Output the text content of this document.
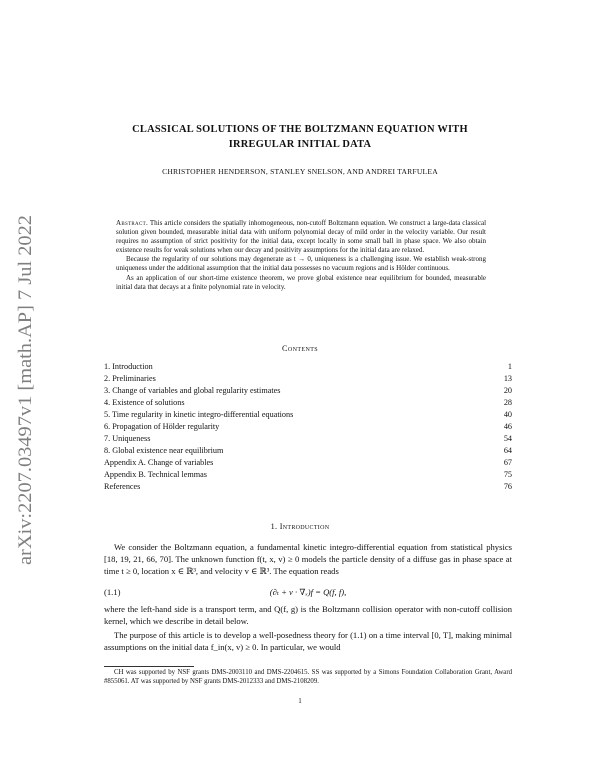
arXiv:2207.03497v1 [math.AP] 7 Jul 2022
CLASSICAL SOLUTIONS OF THE BOLTZMANN EQUATION WITH
IRREGULAR INITIAL DATA
CHRISTOPHER HENDERSON, STANLEY SNELSON, AND ANDREI TARFULEA

Abstract. This article considers the spatially inhomogeneous, non-cutoff Boltzmann equation. We construct a large-data classical solution given bounded, measurable initial data with uniform polynomial decay of mild order in the velocity variable. Our result requires no assumption of strict positivity for the initial data, except locally in some small ball in phase space. We also obtain existence results for weak solutions when our decay and positivity assumptions for the initial data are relaxed.

Because the regularity of our solutions may degenerate as t → 0, uniqueness is a challenging issue. We establish weak-strong uniqueness under the additional assumption that the initial data possesses no vacuum regions and is Hölder continuous.

As an application of our short-time existence theorem, we prove global existence near equilibrium for bounded, measurable initial data that decays at a finite polynomial rate in velocity.

Contents
1. Introduction	1
2. Preliminaries	13
3. Change of variables and global regularity estimates	20
4. Existence of solutions	28
5. Time regularity in kinetic integro-differential equations	40
6. Propagation of Hölder regularity	46
7. Uniqueness	54
8. Global existence near equilibrium	64
Appendix A. Change of variables	67
Appendix B. Technical lemmas	75
References	76
1. Introduction

We consider the Boltzmann equation, a fundamental kinetic integro-differential equation from statistical physics [18, 19, 21, 66, 70]. The unknown function f(t, x, v) ≥ 0 models the particle density of a diffuse gas in phase space at time t ≥ 0, location x ∈ ℝ³, and velocity v ∈ ℝ³. The equation reads

(1.1)	(∂ₜ + v · ∇ₓ)f = Q(f, f),

where the left-hand side is a transport term, and Q(f, g) is the Boltzmann collision operator with non-cutoff collision kernel, which we describe in detail below.

The purpose of this article is to develop a well-posedness theory for (1.1) on a time interval [0, T], making minimal assumptions on the initial data f_in(x, v) ≥ 0. In particular, we would

CH was supported by NSF grants DMS-2003110 and DMS-2204615. SS was supported by a Simons Foundation Collaboration Grant, Award #855061. AT was supported by NSF grants DMS-2012333 and DMS-2108209.
1
